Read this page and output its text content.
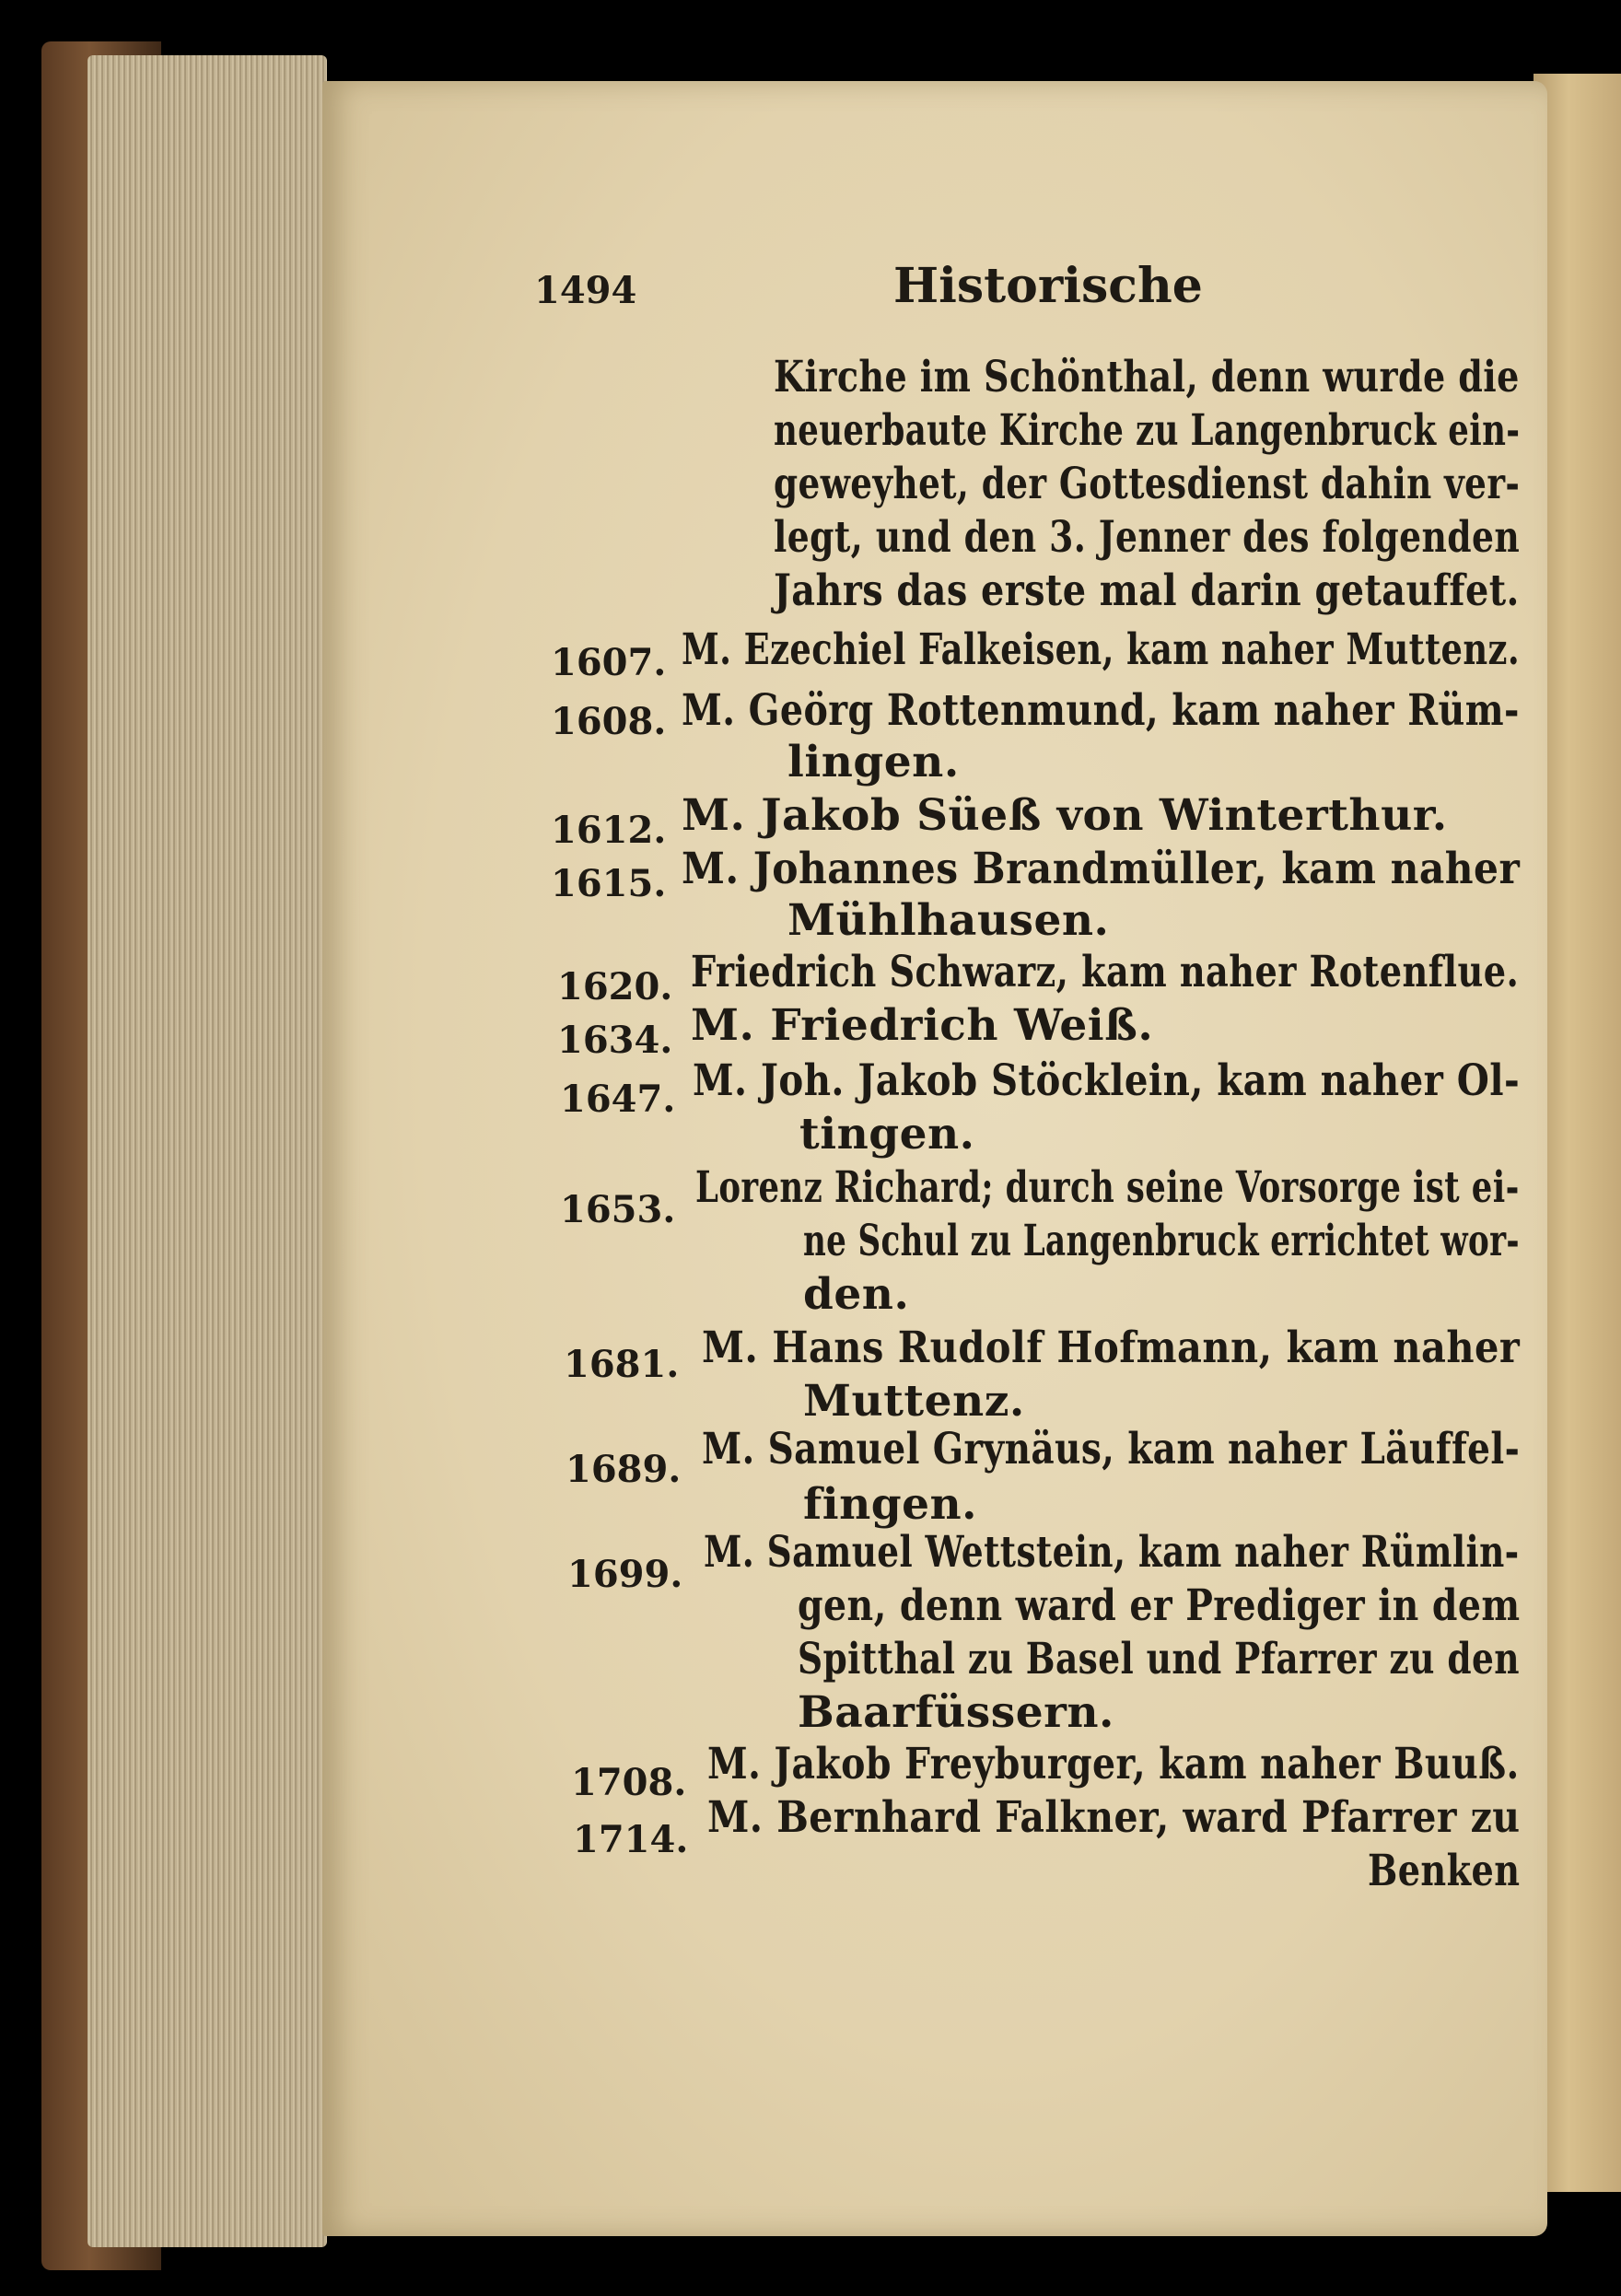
1494	Historische
Kirche im Schönthal, denn wurde die
neuerbaute Kirche zu Langenbruck ein-
geweyhet, der Gottesdienst dahin ver-
legt, und den 3. Jenner des folgenden
Jahrs das erste mal darin getauffet.
1607. M. Ezechiel Falkeisen, kam naher Muttenz.
1608. M. Geörg Rottenmund, kam naher Rüm-
lingen.
1612. M. Jakob Süeß von Winterthur.
1615. M. Johannes Brandmüller, kam naher
Mühlhausen.
1620. Friedrich Schwarz, kam naher Rotenflue.
1634. M. Friedrich Weiß.
1647. M. Joh. Jakob Stöcklein, kam naher Ol-
tingen.
1653. Lorenz Richard; durch seine Vorsorge ist ei-
ne Schul zu Langenbruck errichtet wor-
den.
1681. M. Hans Rudolf Hofmann, kam naher
Muttenz.
1689. M. Samuel Grynäus, kam naher Läuffel-
fingen.
1699. M. Samuel Wettstein, kam naher Rümlin-
gen, denn ward er Prediger in dem
Spitthal zu Basel und Pfarrer zu den
Baarfüssern.
1708. M. Jakob Freyburger, kam naher Buuß.
1714. M. Bernhard Falkner, ward Pfarrer zu
Benken
